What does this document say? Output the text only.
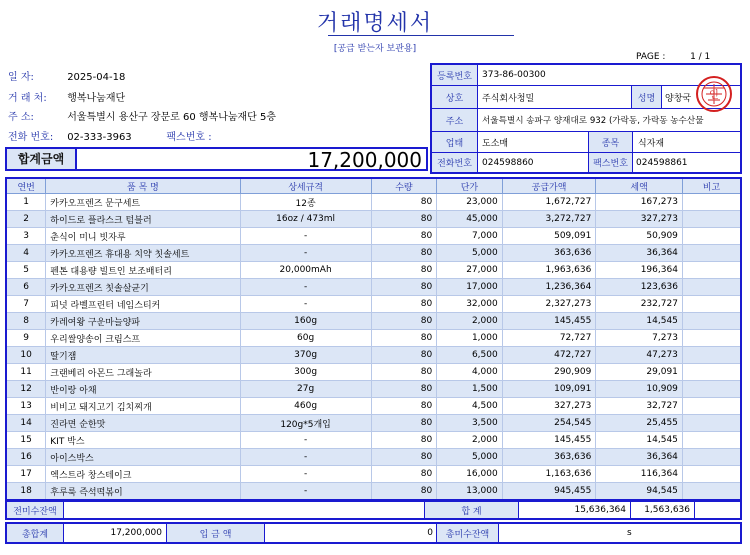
거래명세서
[공급 받는자 보관용]
PAGE :	1 / 1
일 자:	2025-04-18
거 래 처: 행복나눔재단
주 소:	서울특별시 용산구 장문로 60 행복나눔재단 5층
전화 번호: 02-333-3963	팩스번호 :
합계금액	17,200,000
등록번호	373-86-00300
상호	주식회사청밀	성명	양창국
주소	서울특별시 송파구 양재대로 932 (가락동, 가락동 농수산물
업태	도소매	종목	식자재
전화번호	024598860	팩스번호 024598861
인
연번	품 목 명	상세규격	수량	단가	공급가액	세액	비고
1	카카오프렌즈 문구세트	12종	80	23,000	1,672,727	167,273	
2	하이드로 플라스크 텀블러	16oz / 473ml	80	45,000	3,272,727	327,273	
3	춘식이 미니 빗자루	-	80	7,000	509,091	50,909	
4	카카오프렌즈 휴대용 치약 칫솔세트	-	80	5,000	363,636	36,364	
5	펜톤 대용량 빌트인 보조배터리	20,000mAh	80	27,000	1,963,636	196,364	
6	카카오프렌즈 칫솔살균기	-	80	17,000	1,236,364	123,636	
7	피넛 라벨프린터 네임스티커	-	80	32,000	2,327,273	232,727	
8	카레여왕 구운마늘양파	160g	80	2,000	145,455	14,545	
9	우리쌀양송이 크림스프	60g	80	1,000	72,727	7,273	
10	딸기잼	370g	80	6,500	472,727	47,273	
11	크랜베리 아몬드 그래놀라	300g	80	4,000	290,909	29,091	
12	반이랑 아채	27g	80	1,500	109,091	10,909	
13	비비고 돼지고기 김치찌개	460g	80	4,500	327,273	32,727	
14	진라면 순한맛	120g*5개입	80	3,500	254,545	25,455	
15	KIT 박스	-	80	2,000	145,455	14,545	
16	아이스박스	-	80	5,000	363,636	36,364	
17	엑스트라 창스테이크	-	80	16,000	1,163,636	116,364	
18	후루룩 즉석떡볶이	-	80	13,000	945,455	94,545	
전미수잔액	합 계	15,636,364	1,563,636
총합계	17,200,000	입 금 액	0	총미수잔액	s
